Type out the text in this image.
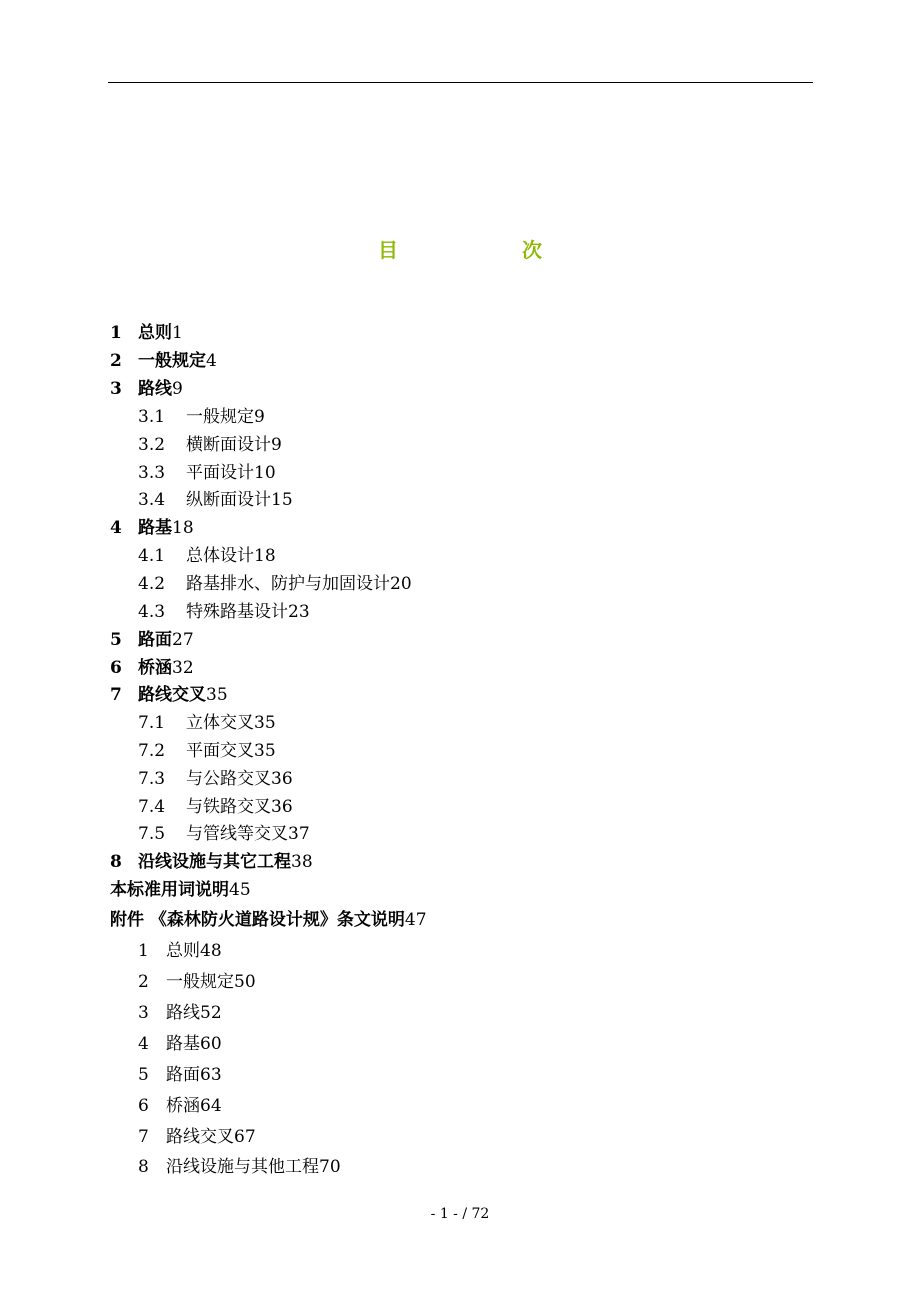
目　次
1 总则1
2 一般规定4
3 路线9
3.1 一般规定9
3.2 横断面设计9
3.3 平面设计10
3.4 纵断面设计15
4 路基18
4.1 总体设计18
4.2 路基排水、防护与加固设计20
4.3 特殊路基设计23
5 路面27
6 桥涵32
7 路线交叉35
7.1 立体交叉35
7.2 平面交叉35
7.3 与公路交叉36
7.4 与铁路交叉36
7.5 与管线等交叉37
8 沿线设施与其它工程38
本标准用词说明45
附件 《森林防火道路设计规》条文说明47
1 总则48
2 一般规定50
3 路线52
4 路基60
5 路面63
6 桥涵64
7 路线交叉67
8 沿线设施与其他工程70
- 1 - / 72
